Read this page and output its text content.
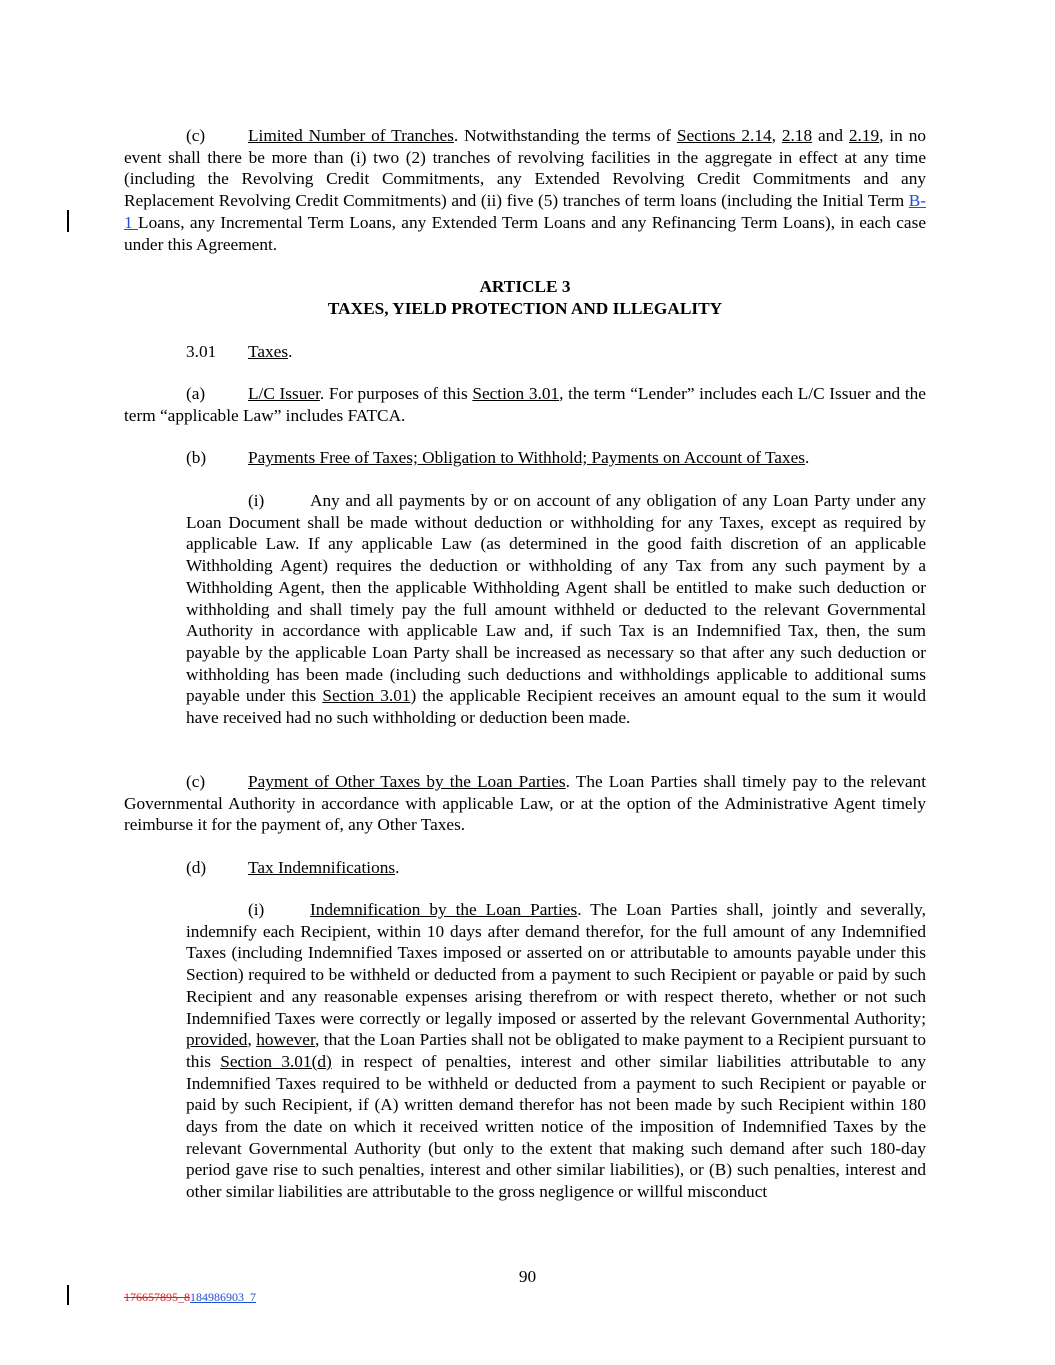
(c) Limited Number of Tranches. Notwithstanding the terms of Sections 2.14, 2.18 and 2.19, in no event shall there be more than (i) two (2) tranches of revolving facilities in the aggregate in effect at any time (including the Revolving Credit Commitments, any Extended Revolving Credit Commitments and any Replacement Revolving Credit Commitments) and (ii) five (5) tranches of term loans (including the Initial Term B-1 Loans, any Incremental Term Loans, any Extended Term Loans and any Refinancing Term Loans), in each case under this Agreement.
ARTICLE 3
TAXES, YIELD PROTECTION AND ILLEGALITY
3.01 Taxes.
(a) L/C Issuer. For purposes of this Section 3.01, the term “Lender” includes each L/C Issuer and the term “applicable Law” includes FATCA.
(b) Payments Free of Taxes; Obligation to Withhold; Payments on Account of Taxes.
(i)	Any and all payments by or on account of any obligation of any Loan Party under any Loan Document shall be made without deduction or withholding for any Taxes, except as required by applicable Law. If any applicable Law (as determined in the good faith discretion of an applicable Withholding Agent) requires the deduction or withholding of any Tax from any such payment by a Withholding Agent, then the applicable Withholding Agent shall be entitled to make such deduction or withholding and shall timely pay the full amount withheld or deducted to the relevant Governmental Authority in accordance with applicable Law and, if such Tax is an Indemnified Tax, then, the sum payable by the applicable Loan Party shall be increased as necessary so that after any such deduction or withholding has been made (including such deductions and withholdings applicable to additional sums payable under this Section 3.01) the applicable Recipient receives an amount equal to the sum it would have received had no such withholding or deduction been made.
(c) Payment of Other Taxes by the Loan Parties. The Loan Parties shall timely pay to the relevant Governmental Authority in accordance with applicable Law, or at the option of the Administrative Agent timely reimburse it for the payment of, any Other Taxes.
(d) Tax Indemnifications.
(i)	Indemnification by the Loan Parties. The Loan Parties shall, jointly and severally, indemnify each Recipient, within 10 days after demand therefor, for the full amount of any Indemnified Taxes (including Indemnified Taxes imposed or asserted on or attributable to amounts payable under this Section) required to be withheld or deducted from a payment to such Recipient or payable or paid by such Recipient and any reasonable expenses arising therefrom or with respect thereto, whether or not such Indemnified Taxes were correctly or legally imposed or asserted by the relevant Governmental Authority; provided, however, that the Loan Parties shall not be obligated to make payment to a Recipient pursuant to this Section 3.01(d) in respect of penalties, interest and other similar liabilities attributable to any Indemnified Taxes required to be withheld or deducted from a payment to such Recipient or payable or paid by such Recipient, if (A) written demand therefor has not been made by such Recipient within 180 days from the date on which it received written notice of the imposition of Indemnified Taxes by the relevant Governmental Authority (but only to the extent that making such demand after such 180-day period gave rise to such penalties, interest and other similar liabilities), or (B) such penalties, interest and other similar liabilities are attributable to the gross negligence or willful misconduct
90
176657895_8184986903_7
